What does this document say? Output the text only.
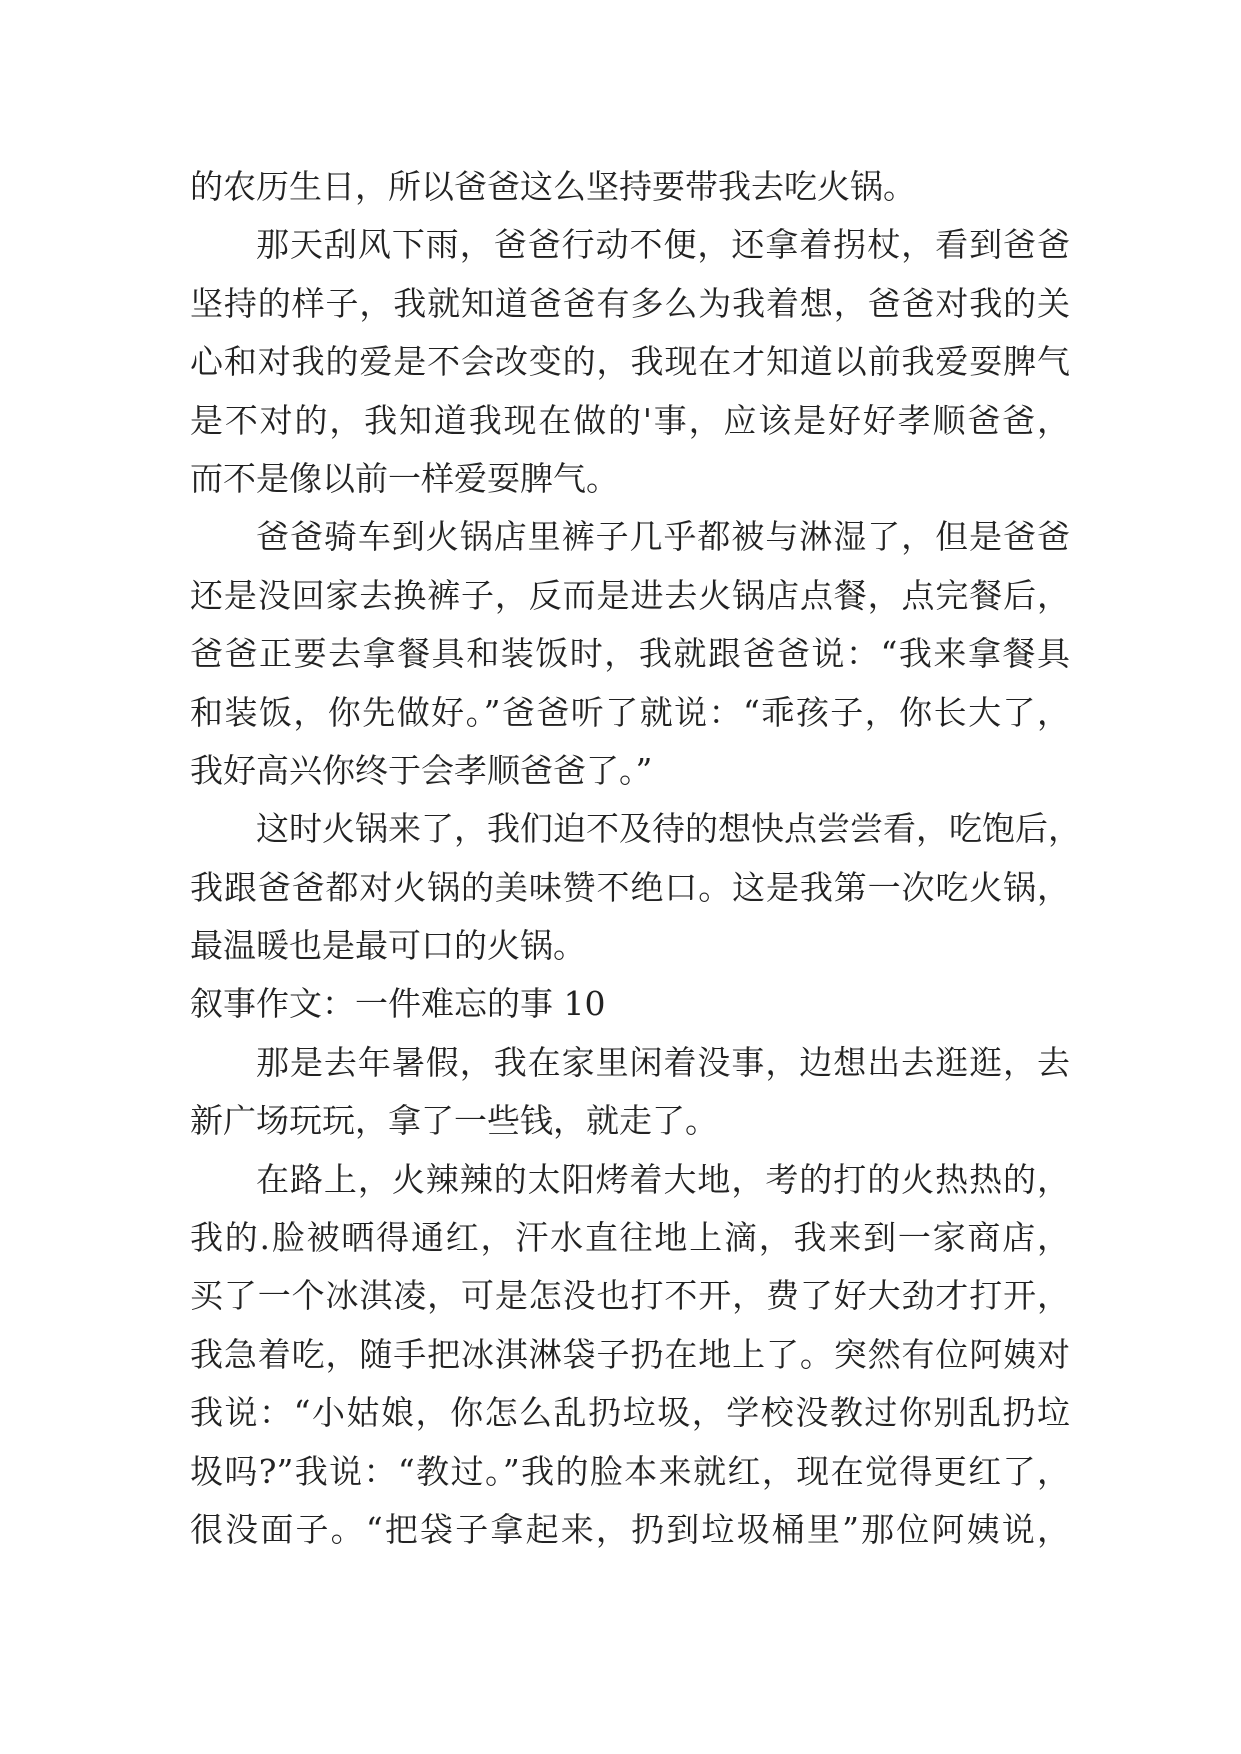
的农历生日，所以爸爸这么坚持要带我去吃火锅。
那天刮风下雨，爸爸行动不便，还拿着拐杖，看到爸爸
坚持的样子，我就知道爸爸有多么为我着想，爸爸对我的关
心和对我的爱是不会改变的，我现在才知道以前我爱耍脾气
是不对的，我知道我现在做的'事，应该是好好孝顺爸爸，
而不是像以前一样爱耍脾气。
爸爸骑车到火锅店里裤子几乎都被与淋湿了，但是爸爸
还是没回家去换裤子，反而是进去火锅店点餐，点完餐后，
爸爸正要去拿餐具和装饭时，我就跟爸爸说：“我来拿餐具
和装饭，你先做好。”爸爸听了就说：“乖孩子，你长大了，
我好高兴你终于会孝顺爸爸了。”
这时火锅来了，我们迫不及待的想快点尝尝看，吃饱后，
我跟爸爸都对火锅的美味赞不绝口。这是我第一次吃火锅，
最温暖也是最可口的火锅。
叙事作文：一件难忘的事 10
那是去年暑假，我在家里闲着没事，边想出去逛逛，去
新广场玩玩，拿了一些钱，就走了。
在路上，火辣辣的太阳烤着大地，考的打的火热热的，
我的.脸被晒得通红，汗水直往地上滴，我来到一家商店，
买了一个冰淇凌，可是怎没也打不开，费了好大劲才打开，
我急着吃，随手把冰淇淋袋子扔在地上了。突然有位阿姨对
我说：“小姑娘，你怎么乱扔垃圾，学校没教过你别乱扔垃
圾吗?”我说：“教过。”我的脸本来就红，现在觉得更红了，
很没面子。“把袋子拿起来，扔到垃圾桶里”那位阿姨说，
